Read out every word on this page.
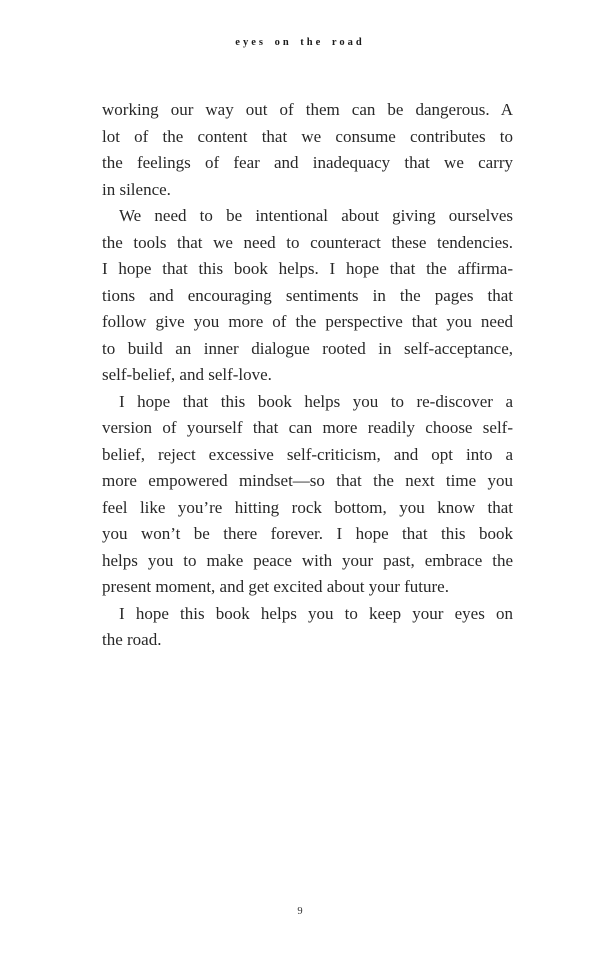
eyes on the road
working our way out of them can be dangerous. A
lot of the content that we consume contributes to
the feelings of fear and inadequacy that we carry
in silence.
We need to be intentional about giving ourselves
the tools that we need to counteract these tendencies.
I hope that this book helps. I hope that the affirma-
tions and encouraging sentiments in the pages that
follow give you more of the perspective that you need
to build an inner dialogue rooted in self-acceptance,
self-belief, and self-love.
I hope that this book helps you to re-discover a
version of yourself that can more readily choose self-
belief, reject excessive self-criticism, and opt into a
more empowered mindset—so that the next time you
feel like you’re hitting rock bottom, you know that
you won’t be there forever. I hope that this book
helps you to make peace with your past, embrace the
present moment, and get excited about your future.
I hope this book helps you to keep your eyes on
the road.
9
